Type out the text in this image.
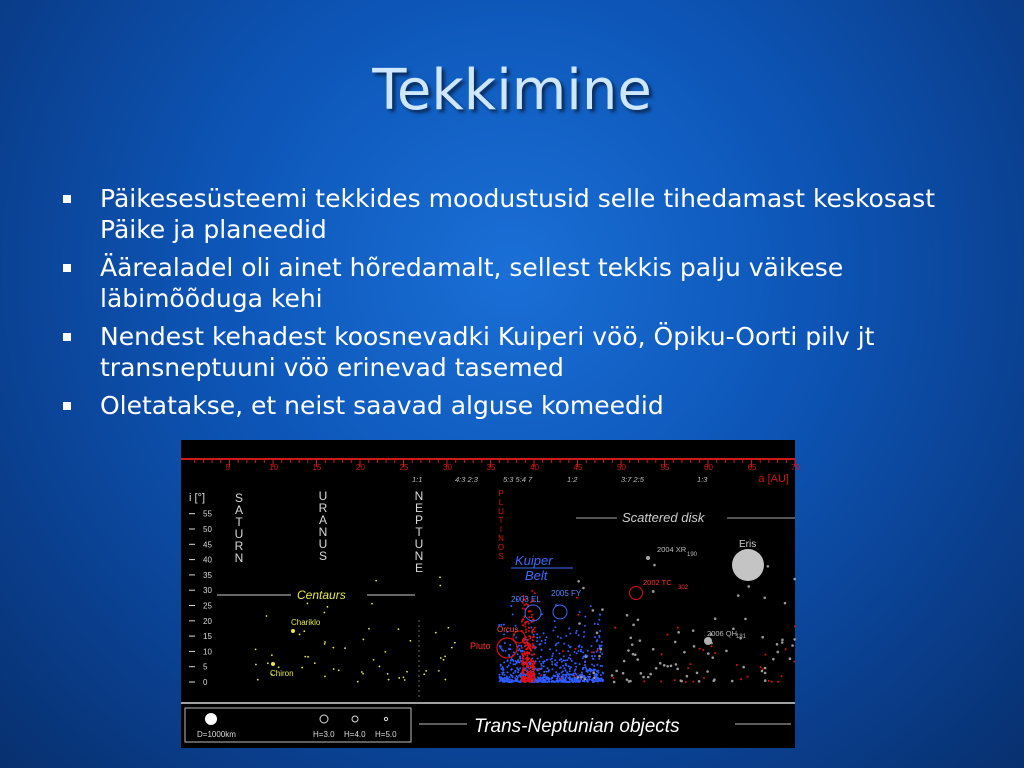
Tekkimine
Päikesesüsteemi tekkides moodustusid selle tihedamast keskosast Päike ja planeedid
Äärealadel oli ainet hõredamalt, sellest tekkis palju väikese läbimõõduga kehi
Nendest kehadest koosnevadki Kuiperi vöö, Öpiku-Oorti pilv jt transneptuuni vöö erinevad tasemed
Oletatakse, et neist saavad alguse komeedid
5	10	15	20	25	30	35	40	45	50	55	60	65	70
a [AU]
1:1	4:3 2:3	5:3 5:4 7	1:2	3:7 2:5	1:3
i [°]
55
50
45
40
35
30
25
20
15
10
5
0
S
A
T
U
R
N
U
R
A
N
U
S
N
E
P
T
U
N
E
P
L
U
T
I
N
O
S
Scattered disk
Kuiper
Belt
Centaurs
Chariklo
Chiron
Pluto
Orcus
2003 EL
2005 FY
2004 XR
190
2002 TC
302
2006 QH
181
Eris
D=1000km	H=3.0 H=4.0 H=5.0	Trans-Neptunian objects
